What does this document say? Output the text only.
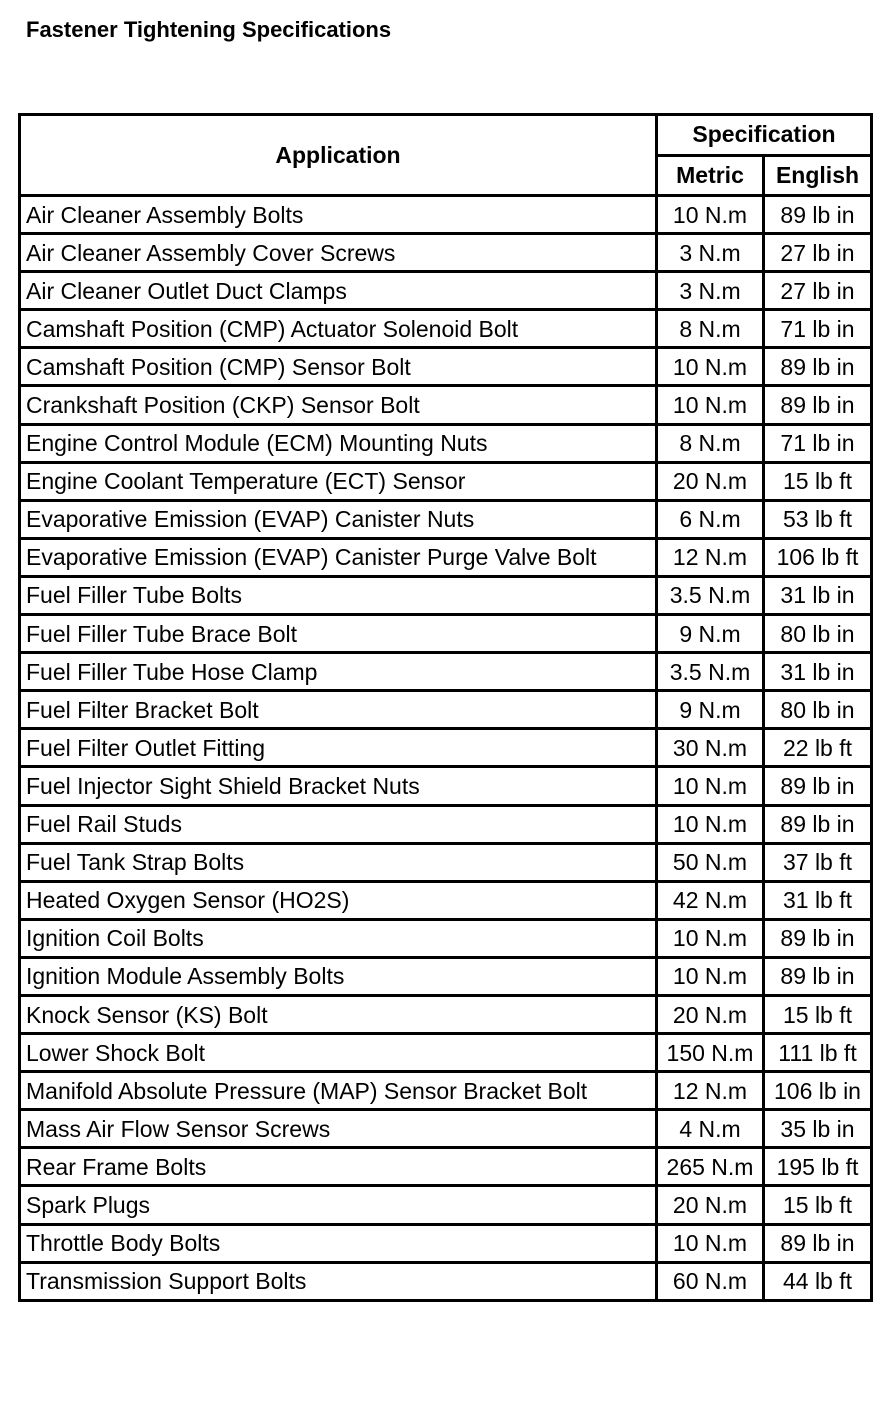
Fastener Tightening Specifications
Application	Specification	
	Metric	English
Air Cleaner Assembly Bolts	10 N.m	89 lb in
Air Cleaner Assembly Cover Screws	3 N.m	27 lb in
Air Cleaner Outlet Duct Clamps	3 N.m	27 lb in
Camshaft Position (CMP) Actuator Solenoid Bolt	8 N.m	71 lb in
Camshaft Position (CMP) Sensor Bolt	10 N.m	89 lb in
Crankshaft Position (CKP) Sensor Bolt	10 N.m	89 lb in
Engine Control Module (ECM) Mounting Nuts	8 N.m	71 lb in
Engine Coolant Temperature (ECT) Sensor	20 N.m	15 lb ft
Evaporative Emission (EVAP) Canister Nuts	6 N.m	53 lb ft
Evaporative Emission (EVAP) Canister Purge Valve Bolt	12 N.m	106 lb ft
Fuel Filler Tube Bolts	3.5 N.m	31 lb in
Fuel Filler Tube Brace Bolt	9 N.m	80 lb in
Fuel Filler Tube Hose Clamp	3.5 N.m	31 lb in
Fuel Filter Bracket Bolt	9 N.m	80 lb in
Fuel Filter Outlet Fitting	30 N.m	22 lb ft
Fuel Injector Sight Shield Bracket Nuts	10 N.m	89 lb in
Fuel Rail Studs	10 N.m	89 lb in
Fuel Tank Strap Bolts	50 N.m	37 lb ft
Heated Oxygen Sensor (HO2S)	42 N.m	31 lb ft
Ignition Coil Bolts	10 N.m	89 lb in
Ignition Module Assembly Bolts	10 N.m	89 lb in
Knock Sensor (KS) Bolt	20 N.m	15 lb ft
Lower Shock Bolt	150 N.m	111 lb ft
Manifold Absolute Pressure (MAP) Sensor Bracket Bolt	12 N.m	106 lb in
Mass Air Flow Sensor Screws	4 N.m	35 lb in
Rear Frame Bolts	265 N.m	195 lb ft
Spark Plugs	20 N.m	15 lb ft
Throttle Body Bolts	10 N.m	89 lb in
Transmission Support Bolts	60 N.m	44 lb ft
